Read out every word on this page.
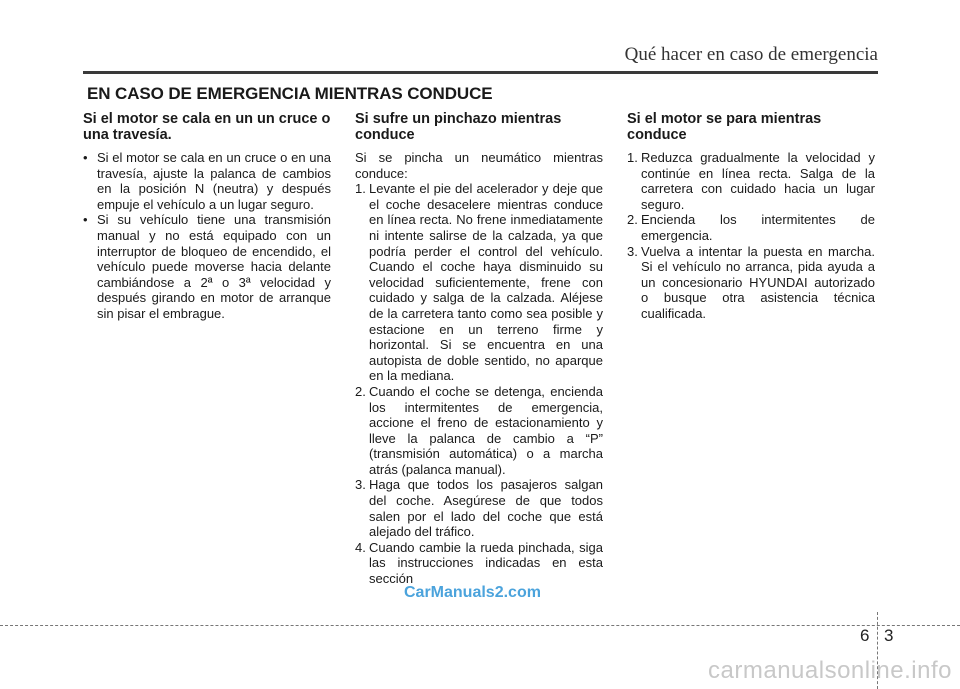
Qué hacer en caso de emergencia
EN CASO DE EMERGENCIA MIENTRAS CONDUCE
Si el motor se cala en un un cruce o una travesía.
• Si el motor se cala en un cruce o en una travesía, ajuste la palanca de cambios en la posición N (neutra) y después empuje el vehículo a un lugar seguro.
• Si su vehículo tiene una transmisión manual y no está equipado con un interruptor de bloqueo de encendido, el vehículo puede moverse hacia delante cambiándose a 2ª o 3ª velocidad y después girando en motor de arranque sin pisar el embrague.
Si sufre un pinchazo mientras conduce

Si se pincha un neumático mientras conduce:

1. Levante el pie del acelerador y deje que el coche desacelere mientras conduce en línea recta. No frene inmediatamente ni intente salirse de la calzada, ya que podría perder el control del vehículo. Cuando el coche haya disminuido su velocidad suficientemente, frene con cuidado y salga de la calzada. Aléjese de la carretera tanto como sea posible y estacione en un terreno firme y horizontal. Si se encuentra en una autopista de doble sentido, no aparque en la mediana.
2. Cuando el coche se detenga, encienda los intermitentes de emergencia, accione el freno de estacionamiento y lleve la palanca de cambio a “P” (transmisión automática) o a marcha atrás (palanca manual).
3. Haga que todos los pasajeros salgan del coche. Asegúrese de que todos salen por el lado del coche que está alejado del tráfico.
4. Cuando cambie la rueda pinchada, siga las instrucciones indicadas en esta sección
Si el motor se para mientras conduce
1. Reduzca gradualmente la velocidad y continúe en línea recta. Salga de la carretera con cuidado hacia un lugar seguro.
2. Encienda los intermitentes de emergencia.
3. Vuelva a intentar la puesta en marcha. Si el vehículo no arranca, pida ayuda a un concesionario HYUNDAI autorizado o busque otra asistencia técnica cualificada.
CarManuals2.com
6 3
carmanualsonline.info
